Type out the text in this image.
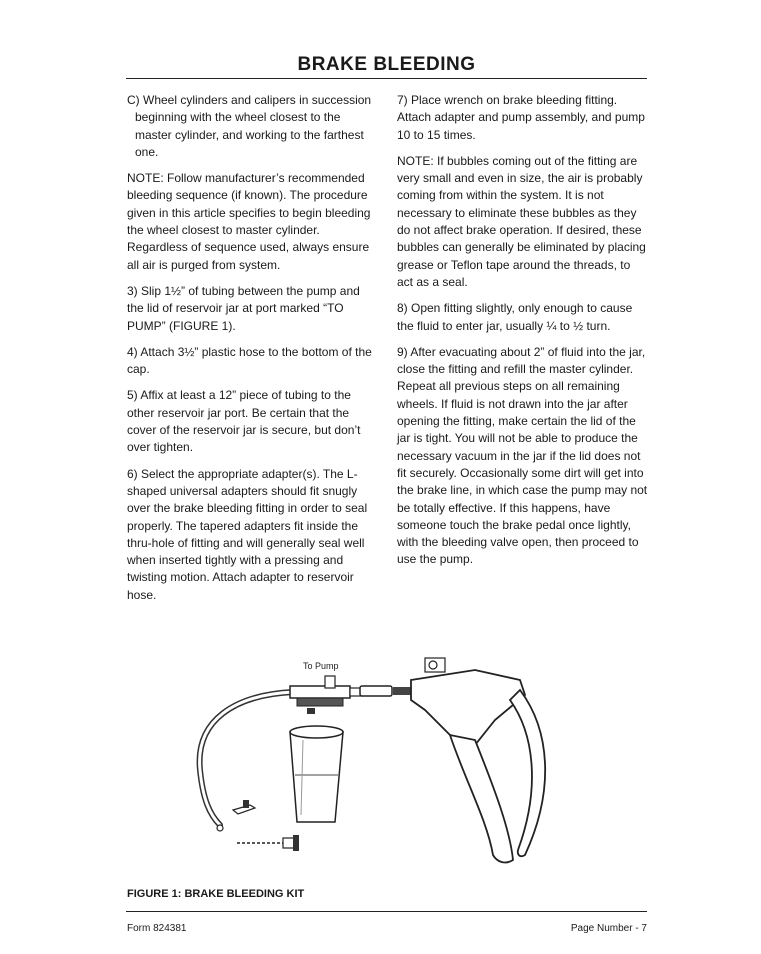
BRAKE BLEEDING

C) Wheel cylinders and calipers in succession beginning with the wheel closest to the master cylinder, and working to the farthest one.

NOTE: Follow manufacturer’s recommended bleeding sequence (if known). The procedure given in this article specifies to begin bleeding the wheel closest to master cylinder. Regardless of sequence used, always ensure all air is purged from system.

3) Slip 1½” of tubing between the pump and the lid of reservoir jar at port marked “TO PUMP” (FIGURE 1).

4) Attach 3½” plastic hose to the bottom of the cap.

5) Affix at least a 12” piece of tubing to the other reservoir jar port. Be certain that the cover of the reservoir jar is secure, but don’t over tighten.

6) Select the appropriate adapter(s). The L-shaped universal adapters should fit snugly over the brake bleeding fitting in order to seal properly. The tapered adapters fit inside the thru-hole of fitting and will generally seal well when inserted tightly with a pressing and twisting motion. Attach adapter to reservoir hose.

7) Place wrench on brake bleeding fitting. Attach adapter and pump assembly, and pump 10 to 15 times.

NOTE: If bubbles coming out of the fitting are very small and even in size, the air is probably coming from within the system. It is not necessary to eliminate these bubbles as they do not affect brake operation. If desired, these bubbles can generally be eliminated by placing grease or Teflon tape around the threads, to act as a seal.

8) Open fitting slightly, only enough to cause the fluid to enter jar, usually ¼ to ½ turn.

9) After evacuating about 2” of fluid into the jar, close the fitting and refill the master cylinder. Repeat all previous steps on all remaining wheels. If fluid is not drawn into the jar after opening the fitting, make certain the lid of the jar is tight. You will not be able to produce the necessary vacuum in the jar if the lid does not fit securely. Occasionally some dirt will get into the brake line, in which case the pump may not be totally effective. If this happens, have someone touch the brake pedal once lightly, with the bleeding valve open, then proceed to use the pump.

To Pump
FIGURE 1: BRAKE BLEEDING KIT
Form 824381	Page Number - 7
